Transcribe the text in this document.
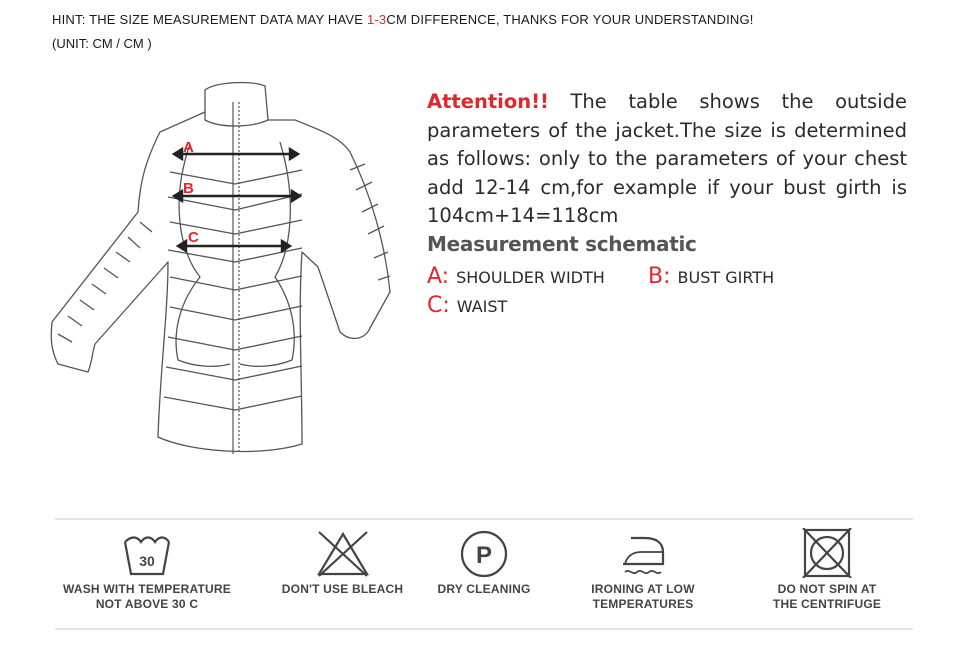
HINT: THE SIZE MEASUREMENT DATA MAY HAVE 1-3CM DIFFERENCE, THANKS FOR YOUR UNDERSTANDING!
(UNIT: CM / CM )
A
B
C
Attention!! The table shows the outside parameters of the jacket.The size is determined as follows: only to the parameters of your chest add 12-14 cm,for example if your bust girth is 104cm+14=118cm
Measurement schematic
A: SHOULDER WIDTH B: BUST GIRTH
C: WAIST
30
WASH WITH TEMPERATURE
NOT ABOVE 30 C
DON'T USE BLEACH
P
DRY CLEANING	IRONING AT LOW
TEMPERATURES
DO NOT SPIN AT
THE CENTRIFUGE
